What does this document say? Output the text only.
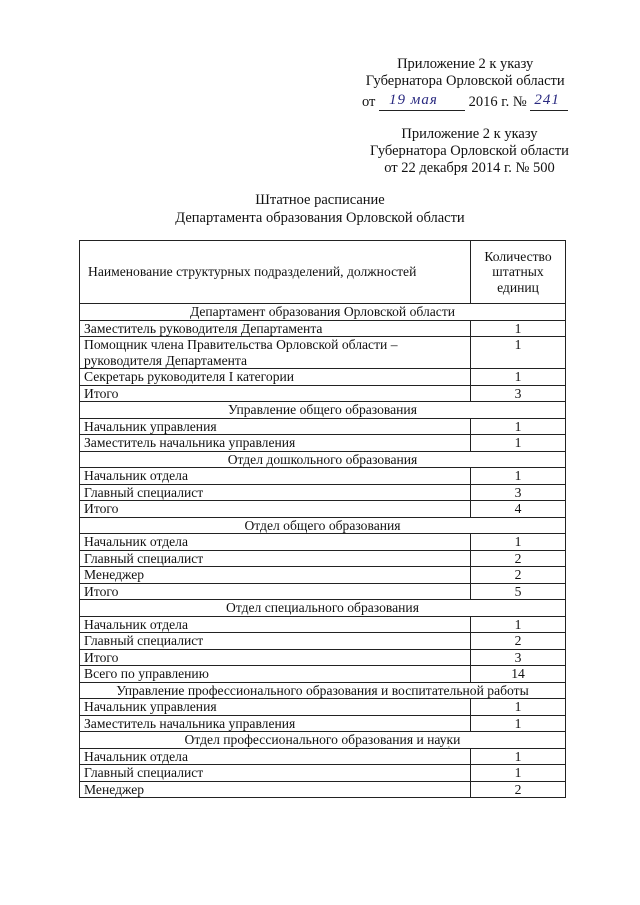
Приложение 2 к указу
Губернатора Орловской области
от 19 мая 2016 г. № 241
Приложение 2 к указу
Губернатора Орловской области
от 22 декабря 2014 г. № 500
Штатное расписание
Департамента образования Орловской области
Наименование структурных подразделений, должностей	Количество штатных единиц
Департамент образования Орловской области	
Заместитель руководителя Департамента	1
Помощник члена Правительства Орловской области – руководителя Департамента	1
Секретарь руководителя I категории	1
Итого	3
Управление общего образования	
Начальник управления	1
Заместитель начальника управления	1
Отдел дошкольного образования	
Начальник отдела	1
Главный специалист	3
Итого	4
Отдел общего образования	
Начальник отдела	1
Главный специалист	2
Менеджер	2
Итого	5
Отдел специального образования	
Начальник отдела	1
Главный специалист	2
Итого	3
Всего по управлению	14
Управление профессионального образования и воспитательной работы	
Начальник управления	1
Заместитель начальника управления	1
Отдел профессионального образования и науки	
Начальник отдела	1
Главный специалист	1
Менеджер	2
'
